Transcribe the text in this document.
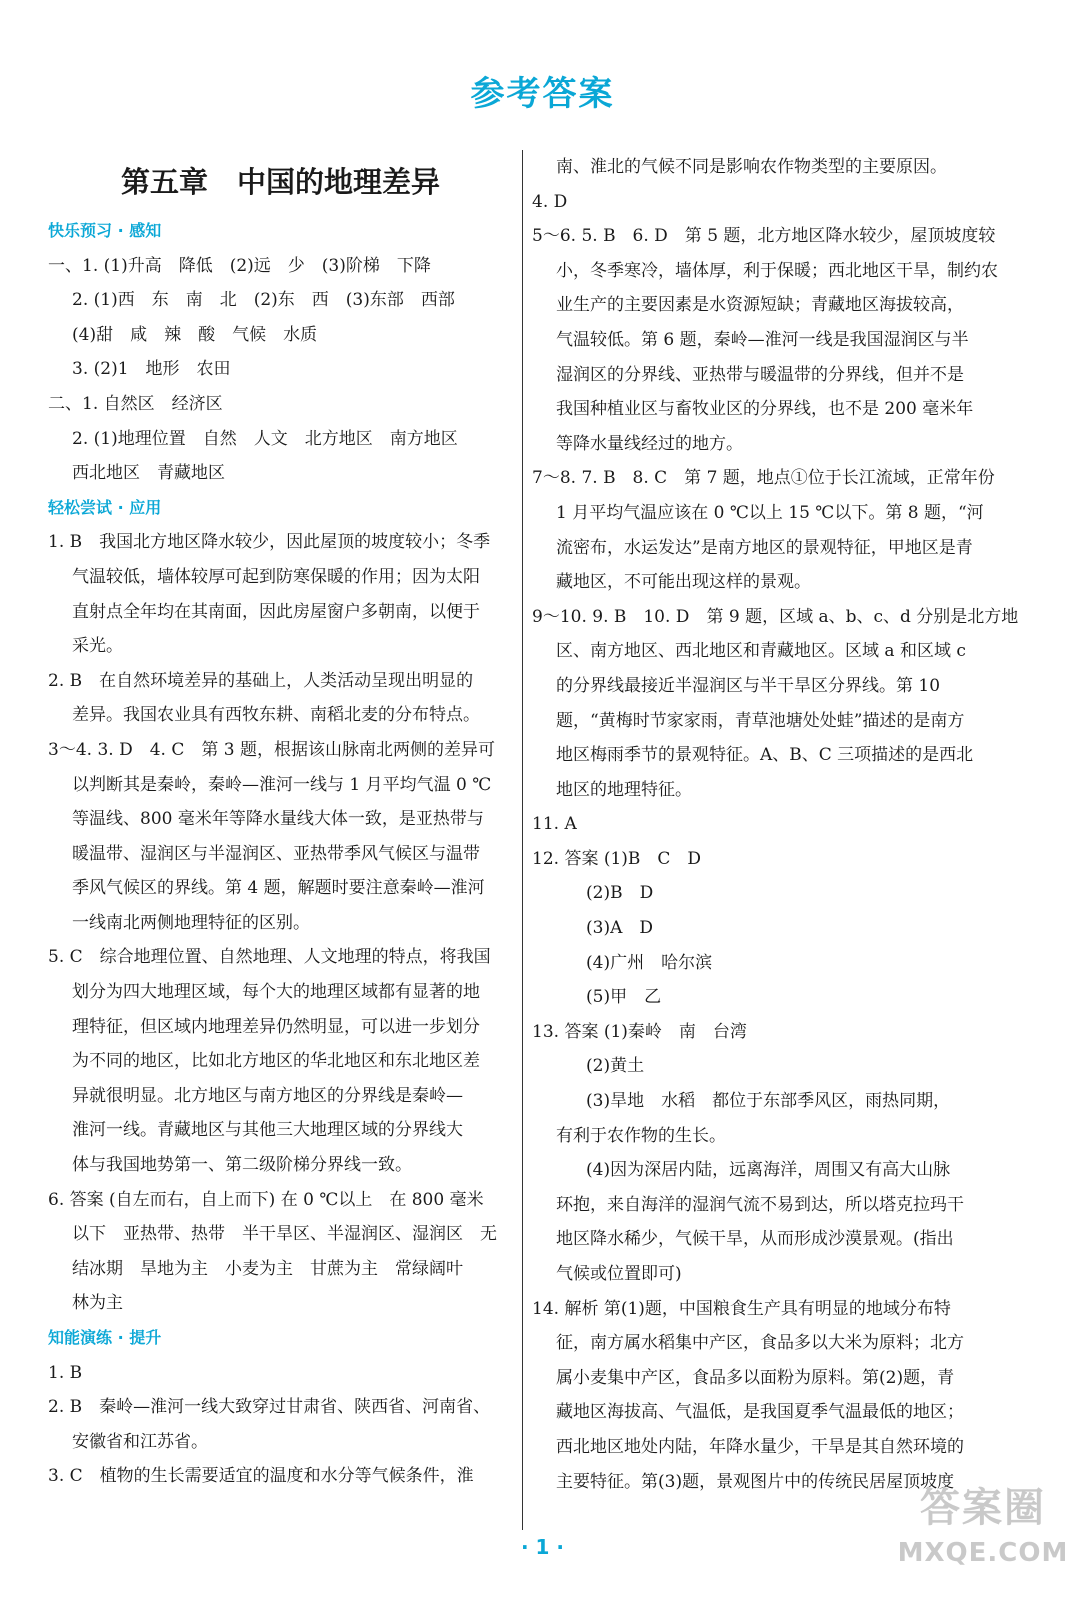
参考答案
第五章　中国的地理差异
快乐预习 · 感知
一、1. (1)升高　降低　(2)远　少　(3)阶梯　下降
2. (1)西　东　南　北　(2)东　西　(3)东部　西部
(4)甜　咸　辣　酸　气候　水质
3. (2)1　地形　农田
二、1. 自然区　经济区
2. (1)地理位置　自然　人文　北方地区　南方地区
西北地区　青藏地区
轻松尝试 · 应用
1. B　我国北方地区降水较少，因此屋顶的坡度较小；冬季
气温较低，墙体较厚可起到防寒保暖的作用；因为太阳
直射点全年均在其南面，因此房屋窗户多朝南，以便于
采光。
2. B　在自然环境差异的基础上，人类活动呈现出明显的
差异。我国农业具有西牧东耕、南稻北麦的分布特点。
3～4. 3. D　4. C　第 3 题，根据该山脉南北两侧的差异可
以判断其是秦岭，秦岭—淮河一线与 1 月平均气温 0 ℃
等温线、800 毫米年等降水量线大体一致，是亚热带与
暖温带、湿润区与半湿润区、亚热带季风气候区与温带
季风气候区的界线。第 4 题，解题时要注意秦岭—淮河
一线南北两侧地理特征的区别。
5. C　综合地理位置、自然地理、人文地理的特点，将我国
划分为四大地理区域，每个大的地理区域都有显著的地
理特征，但区域内地理差异仍然明显，可以进一步划分
为不同的地区，比如北方地区的华北地区和东北地区差
异就很明显。北方地区与南方地区的分界线是秦岭—
淮河一线。青藏地区与其他三大地理区域的分界线大
体与我国地势第一、第二级阶梯分界线一致。
6. 答案 (自左而右，自上而下) 在 0 ℃以上　在 800 毫米
以下　亚热带、热带　半干旱区、半湿润区、湿润区　无
结冰期　旱地为主　小麦为主　甘蔗为主　常绿阔叶
林为主
知能演练 · 提升
1. B
2. B　秦岭—淮河一线大致穿过甘肃省、陕西省、河南省、
安徽省和江苏省。
3. C　植物的生长需要适宜的温度和水分等气候条件，淮
南、淮北的气候不同是影响农作物类型的主要原因。
4. D
5～6. 5. B　6. D　第 5 题，北方地区降水较少，屋顶坡度较
小，冬季寒冷，墙体厚，利于保暖；西北地区干旱，制约农
业生产的主要因素是水资源短缺；青藏地区海拔较高，
气温较低。第 6 题，秦岭—淮河一线是我国湿润区与半
湿润区的分界线、亚热带与暖温带的分界线，但并不是
我国种植业区与畜牧业区的分界线，也不是 200 毫米年
等降水量线经过的地方。
7～8. 7. B　8. C　第 7 题，地点①位于长江流域，正常年份
1 月平均气温应该在 0 ℃以上 15 ℃以下。第 8 题，“河
流密布，水运发达”是南方地区的景观特征，甲地区是青
藏地区，不可能出现这样的景观。
9～10. 9. B　10. D　第 9 题，区域 a、b、c、d 分别是北方地
区、南方地区、西北地区和青藏地区。区域 a 和区域 c
的分界线最接近半湿润区与半干旱区分界线。第 10
题，“黄梅时节家家雨，青草池塘处处蛙”描述的是南方
地区梅雨季节的景观特征。A、B、C 三项描述的是西北
地区的地理特征。
11. A
12. 答案 (1)B　C　D
(2)B　D
(3)A　D
(4)广州　哈尔滨
(5)甲　乙
13. 答案 (1)秦岭　南　台湾
(2)黄土
(3)旱地　水稻　都位于东部季风区，雨热同期，
有利于农作物的生长。
(4)因为深居内陆，远离海洋，周围又有高大山脉
环抱，来自海洋的湿润气流不易到达，所以塔克拉玛干
地区降水稀少，气候干旱，从而形成沙漠景观。(指出
气候或位置即可)
14. 解析 第(1)题，中国粮食生产具有明显的地域分布特
征，南方属水稻集中产区，食品多以大米为原料；北方
属小麦集中产区，食品多以面粉为原料。第(2)题，青
藏地区海拔高、气温低，是我国夏季气温最低的地区；
西北地区地处内陆，年降水量少，干旱是其自然环境的
主要特征。第(3)题，景观图片中的传统民居屋顶坡度
· 1 ·
答案圈
MXQE.COM
